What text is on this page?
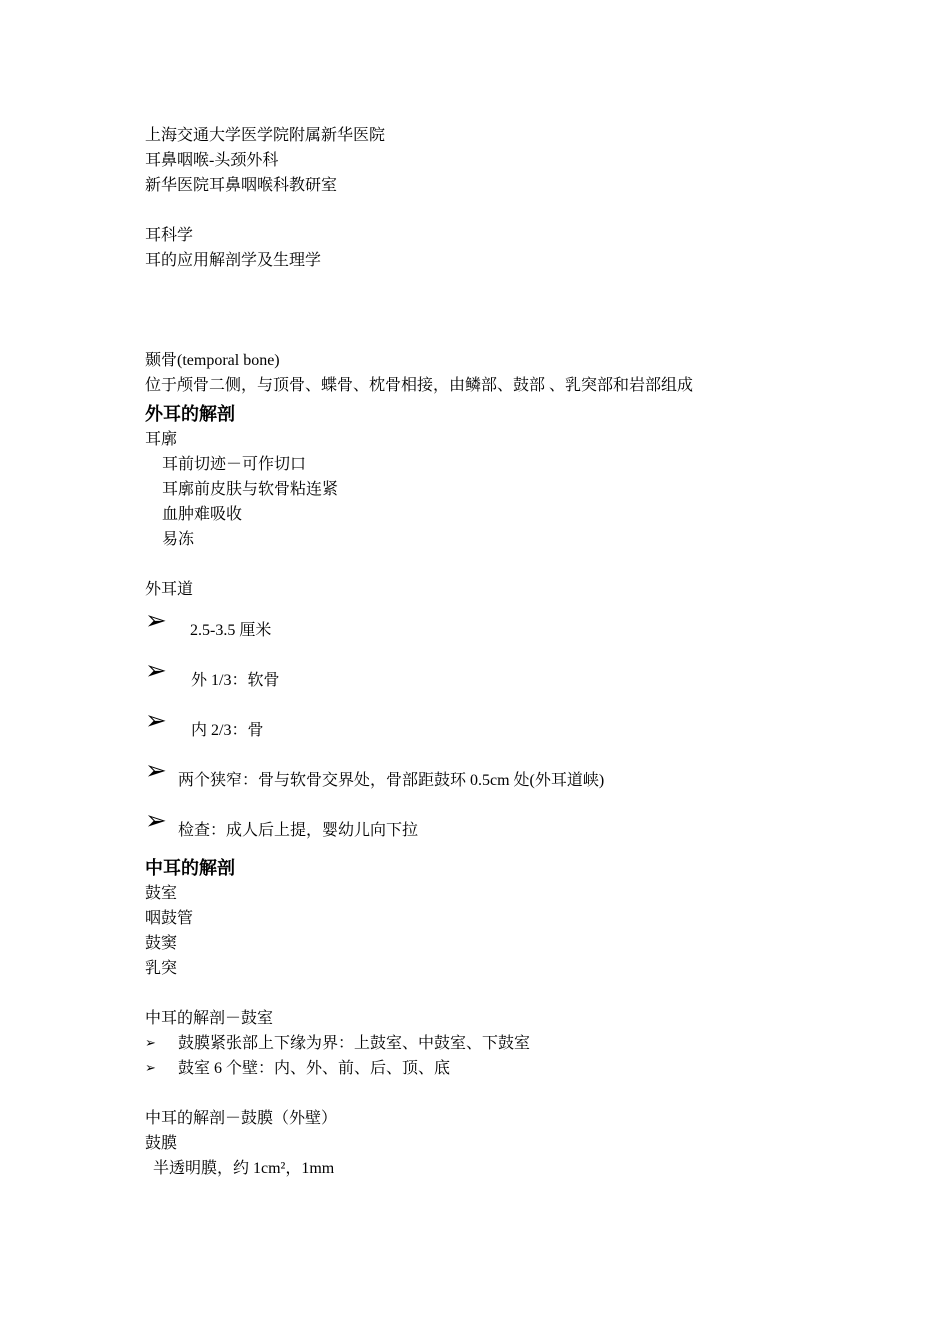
上海交通大学医学院附属新华医院
耳鼻咽喉-头颈外科
新华医院耳鼻咽喉科教研室
耳科学
耳的应用解剖学及生理学
颞骨(temporal bone)
位于颅骨二侧，与顶骨、蝶骨、枕骨相接，由鳞部、鼓部 、乳突部和岩部组成
外耳的解剖
耳廓
耳前切迹－可作切口
耳廓前皮肤与软骨粘连紧
血肿难吸收
易冻
外耳道
➢ 2.5-3.5 厘米
➢ 外 1/3：软骨
➢ 内 2/3：骨
➢ 两个狭窄：骨与软骨交界处，骨部距鼓环 0.5cm 处(外耳道峡)
➢ 检查：成人后上提，婴幼儿向下拉
中耳的解剖
鼓室
咽鼓管
鼓窦
乳突
中耳的解剖－鼓室
➢ 鼓膜紧张部上下缘为界：上鼓室、中鼓室、下鼓室
➢ 鼓室 6 个壁：内、外、前、后、顶、底
中耳的解剖－鼓膜（外壁）
鼓膜
半透明膜，约 1cm²，1mm
